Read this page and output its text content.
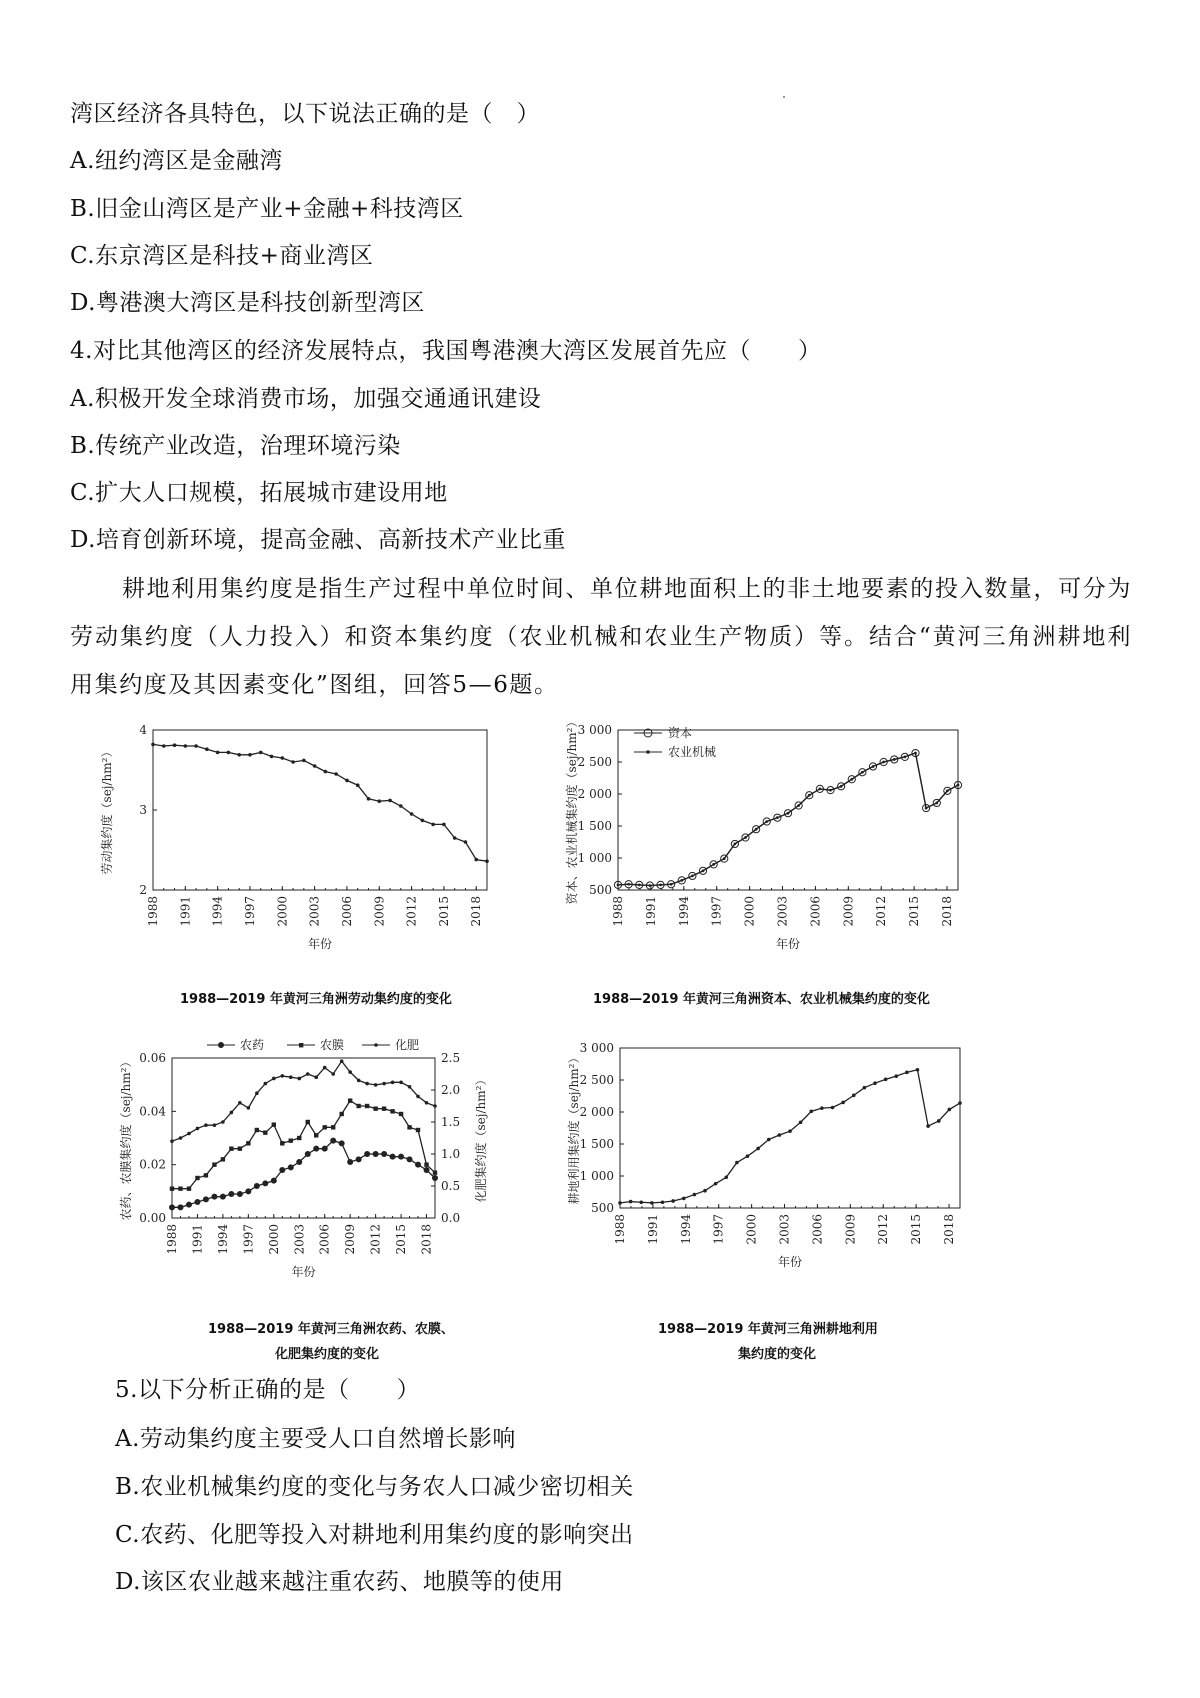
湾区经济各具特色，以下说法正确的是（　）
A.纽约湾区是金融湾
B.旧金山湾区是产业+金融+科技湾区
C.东京湾区是科技+商业湾区
D.粤港澳大湾区是科技创新型湾区
4.对比其他湾区的经济发展特点，我国粤港澳大湾区发展首先应（　　）
A.积极开发全球消费市场，加强交通通讯建设
B.传统产业改造，治理环境污染
C.扩大人口规模，拓展城市建设用地
D.培育创新环境，提高金融、高新技术产业比重
耕地利用集约度是指生产过程中单位时间、单位耕地面积上的非土地要素的投入数量，可分为劳动集约度（人力投入）和资本集约度（农业机械和农业生产物质）等。结合“黄河三角洲耕地利用集约度及其因素变化”图组，回答5—6题。
4
3
2
1988 1991 1994 1997 2000 2003 2006 2009 2012 2015 2018
年份
劳动集约度（sej/hm²）
1988—2019 年黄河三角洲劳动集约度的变化
3 000
2 500
2 000
1 500
1 000
500
1988 1991 1994 1997 2000 2003 2006 2009 2012 2015 2018
年份
资本、农业机械集约度（sej/hm²）	资本
农业机械
1988—2019 年黄河三角洲资本、农业机械集约度的变化
0.06
0.04
0.02
0.00
1988 1991 1994 1997 2000 2003 2006 2009 2012 2015 2018
年份
农药、农膜集约度（sej/hm²）	2.5
2.0
1.5
1.0
0.5
0.0
化肥集约度（sej/hm²）
农药	农膜	化肥
1988—2019 年黄河三角洲农药、农膜、
化肥集约度的变化
3 000
2 500
2 000
1 500
1 000
500
1988 1991 1994 1997 2000 2003 2006 2009 2012 2015 2018
年份
耕地利用集约度（sej/hm²）
1988—2019 年黄河三角洲耕地利用
集约度的变化
5.以下分析正确的是（　　）
A.劳动集约度主要受人口自然增长影响
B.农业机械集约度的变化与务农人口减少密切相关
C.农药、化肥等投入对耕地利用集约度的影响突出
D.该区农业越来越注重农药、地膜等的使用
